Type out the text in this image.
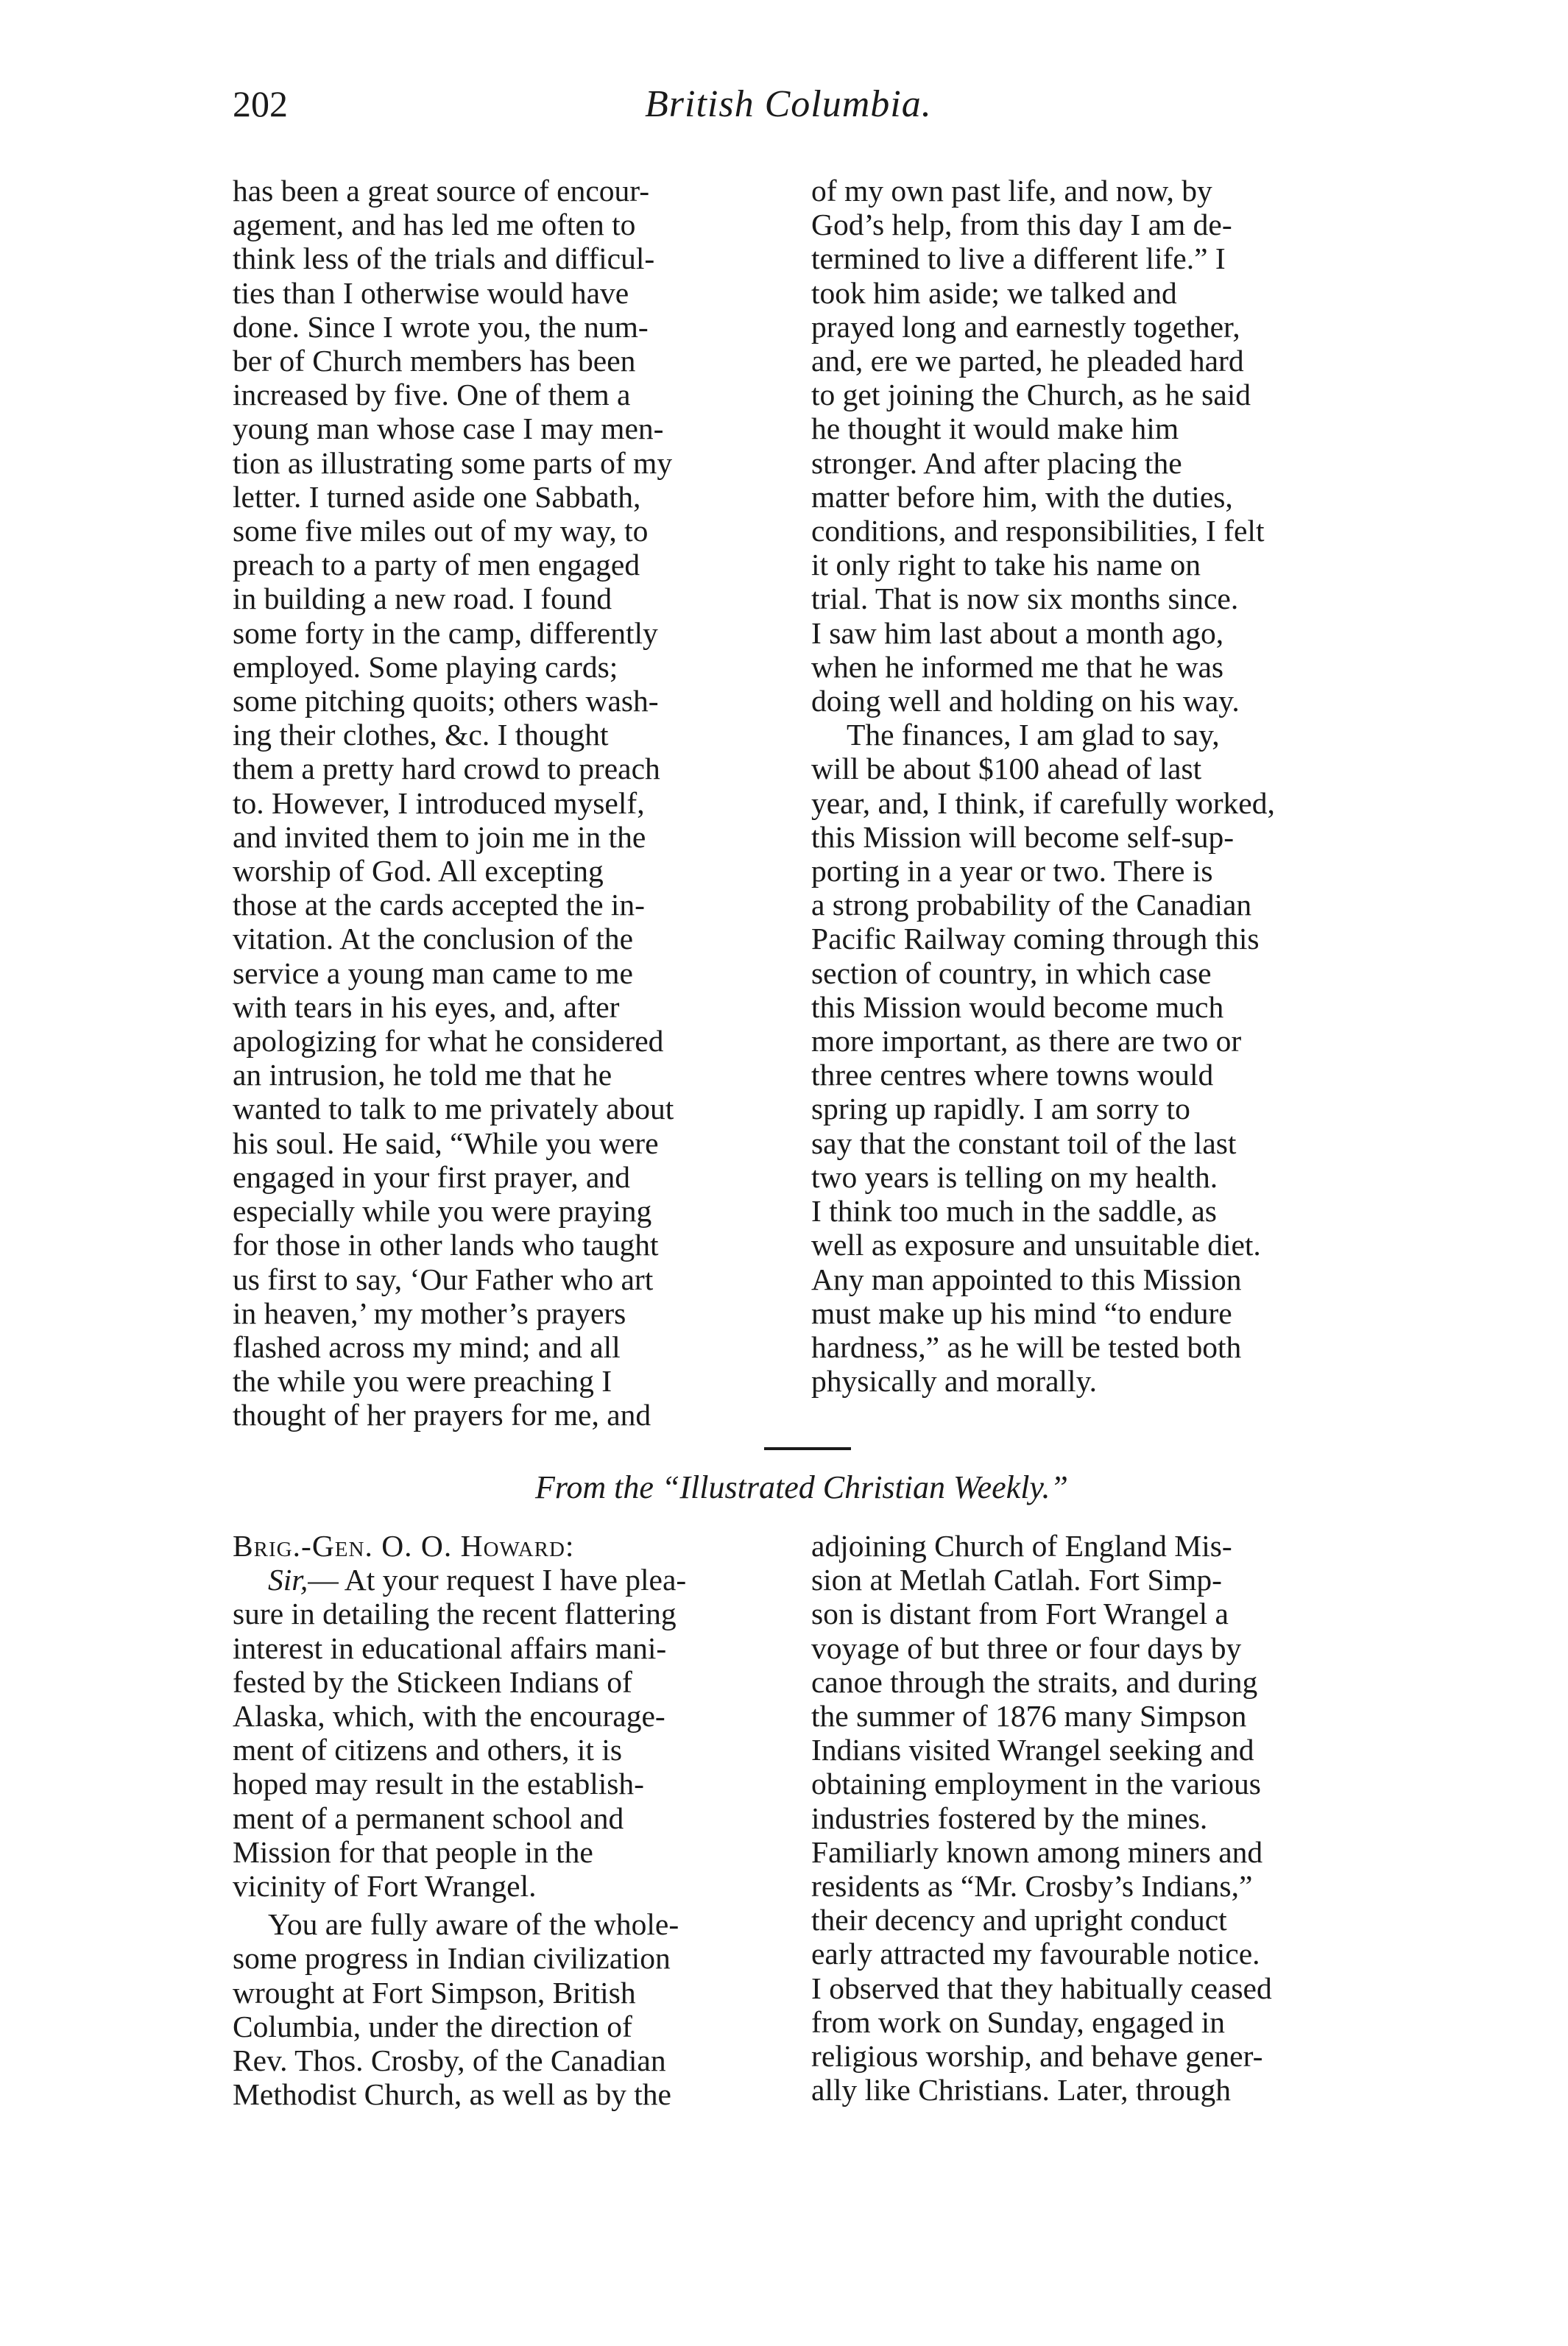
202	British Columbia.

has been a great source of encour-
agement, and has led me often to
think less of the trials and difficul-
ties than I otherwise would have
done. Since I wrote you, the num-
ber of Church members has been
increased by five. One of them a
young man whose case I may men-
tion as illustrating some parts of my
letter. I turned aside one Sabbath,
some five miles out of my way, to
preach to a party of men engaged
in building a new road. I found
some forty in the camp, differently
employed. Some playing cards;
some pitching quoits; others wash-
ing their clothes, &c. I thought
them a pretty hard crowd to preach
to. However, I introduced myself,
and invited them to join me in the
worship of God. All excepting
those at the cards accepted the in-
vitation. At the conclusion of the
service a young man came to me
with tears in his eyes, and, after
apologizing for what he considered
an intrusion, he told me that he
wanted to talk to me privately about
his soul. He said, “While you were
engaged in your first prayer, and
especially while you were praying
for those in other lands who taught
us first to say, ‘Our Father who art
in heaven,’ my mother’s prayers
flashed across my mind; and all
the while you were preaching I
thought of her prayers for me, and

of my own past life, and now, by
God’s help, from this day I am de-
termined to live a different life.” I
took him aside; we talked and
prayed long and earnestly together,
and, ere we parted, he pleaded hard
to get joining the Church, as he said
he thought it would make him
stronger. And after placing the
matter before him, with the duties,
conditions, and responsibilities, I felt
it only right to take his name on
trial. That is now six months since.
I saw him last about a month ago,
when he informed me that he was
doing well and holding on his way.

The finances, I am glad to say,
will be about $100 ahead of last
year, and, I think, if carefully worked,
this Mission will become self-sup-
porting in a year or two. There is
a strong probability of the Canadian
Pacific Railway coming through this
section of country, in which case
this Mission would become much
more important, as there are two or
three centres where towns would
spring up rapidly. I am sorry to
say that the constant toil of the last
two years is telling on my health.
I think too much in the saddle, as
well as exposure and unsuitable diet.
Any man appointed to this Mission
must make up his mind “to endure
hardness,” as he will be tested both
physically and morally.

From the “Illustrated Christian Weekly.”

Brig.-Gen. O. O. Howard:

Sir,— At your request I have plea-
sure in detailing the recent flattering
interest in educational affairs mani-
fested by the Stickeen Indians of
Alaska, which, with the encourage-
ment of citizens and others, it is
hoped may result in the establish-
ment of a permanent school and
Mission for that people in the
vicinity of Fort Wrangel.

You are fully aware of the whole-
some progress in Indian civilization
wrought at Fort Simpson, British
Columbia, under the direction of
Rev. Thos. Crosby, of the Canadian
Methodist Church, as well as by the

adjoining Church of England Mis-
sion at Metlah Catlah. Fort Simp-
son is distant from Fort Wrangel a
voyage of but three or four days by
canoe through the straits, and during
the summer of 1876 many Simpson
Indians visited Wrangel seeking and
obtaining employment in the various
industries fostered by the mines.
Familiarly known among miners and
residents as “Mr. Crosby’s Indians,”
their decency and upright conduct
early attracted my favourable notice.
I observed that they habitually ceased
from work on Sunday, engaged in
religious worship, and behave gener-
ally like Christians. Later, through
